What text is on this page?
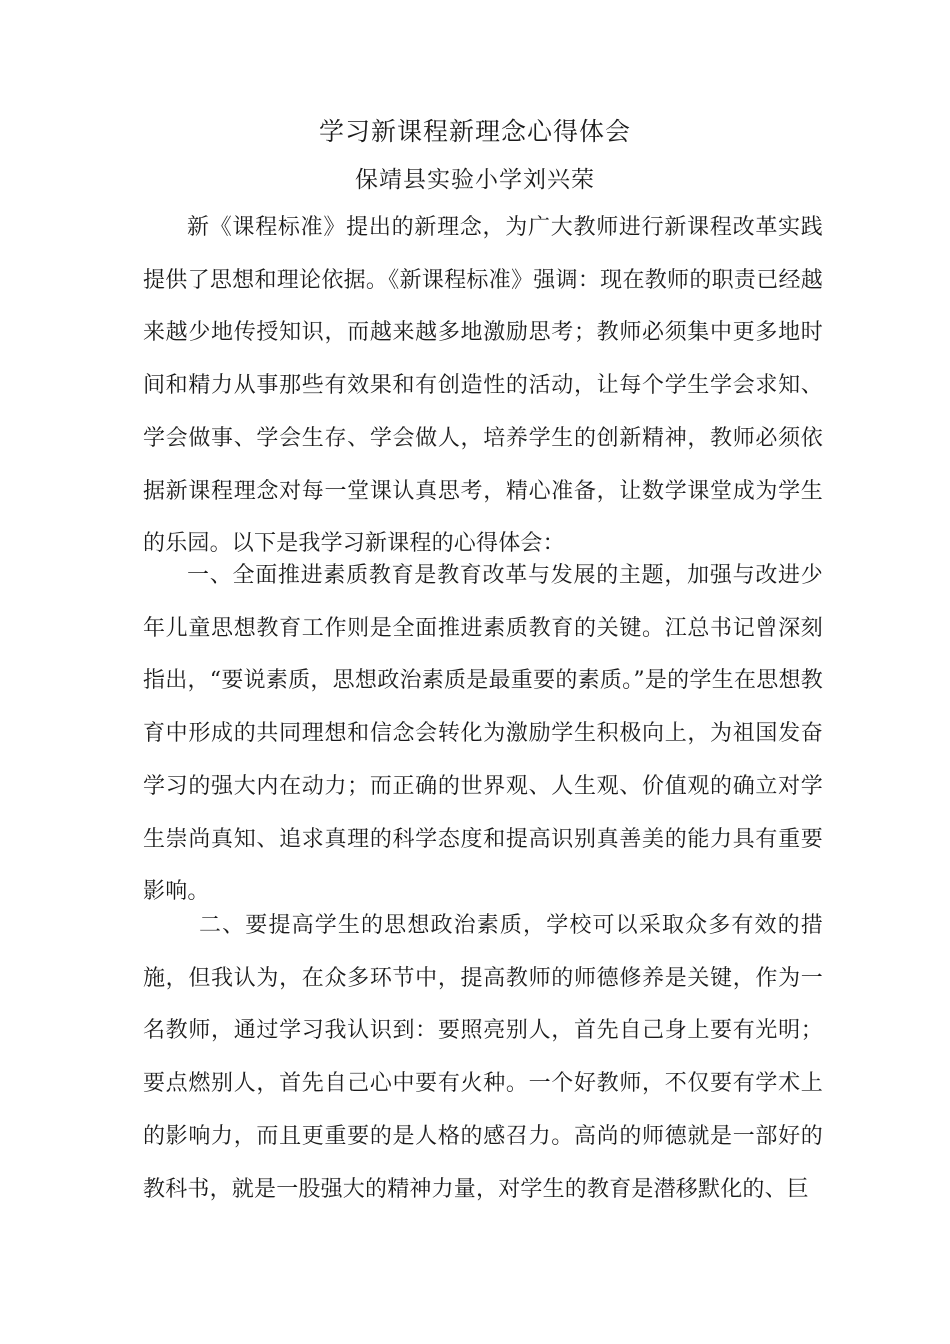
学习新课程新理念心得体会
保靖县实验小学刘兴荣

新《课程标准》提出的新理念，为广大教师进行新课程改革实践提供了思想和理论依据。《新课程标准》强调：现在教师的职责已经越来越少地传授知识，而越来越多地激励思考；教师必须集中更多地时间和精力从事那些有效果和有创造性的活动，让每个学生学会求知、学会做事、学会生存、学会做人，培养学生的创新精神，教师必须依据新课程理念对每一堂课认真思考，精心准备，让数学课堂成为学生的乐园。以下是我学习新课程的心得体会：

一、全面推进素质教育是教育改革与发展的主题，加强与改进少年儿童思想教育工作则是全面推进素质教育的关键。江总书记曾深刻指出，“要说素质，思想政治素质是最重要的素质。”是的学生在思想教育中形成的共同理想和信念会转化为激励学生积极向上，为祖国发奋学习的强大内在动力；而正确的世界观、人生观、价值观的确立对学生崇尚真知、追求真理的科学态度和提高识别真善美的能力具有重要影响。

二、要提高学生的思想政治素质，学校可以采取众多有效的措施，但我认为，在众多环节中，提高教师的师德修养是关键，作为一名教师，通过学习我认识到：要照亮别人，首先自己身上要有光明；要点燃别人，首先自己心中要有火种。一个好教师，不仅要有学术上的影响力，而且更重要的是人格的感召力。高尚的师德就是一部好的教科书，就是一股强大的精神力量，对学生的教育是潜移默化的、巨
